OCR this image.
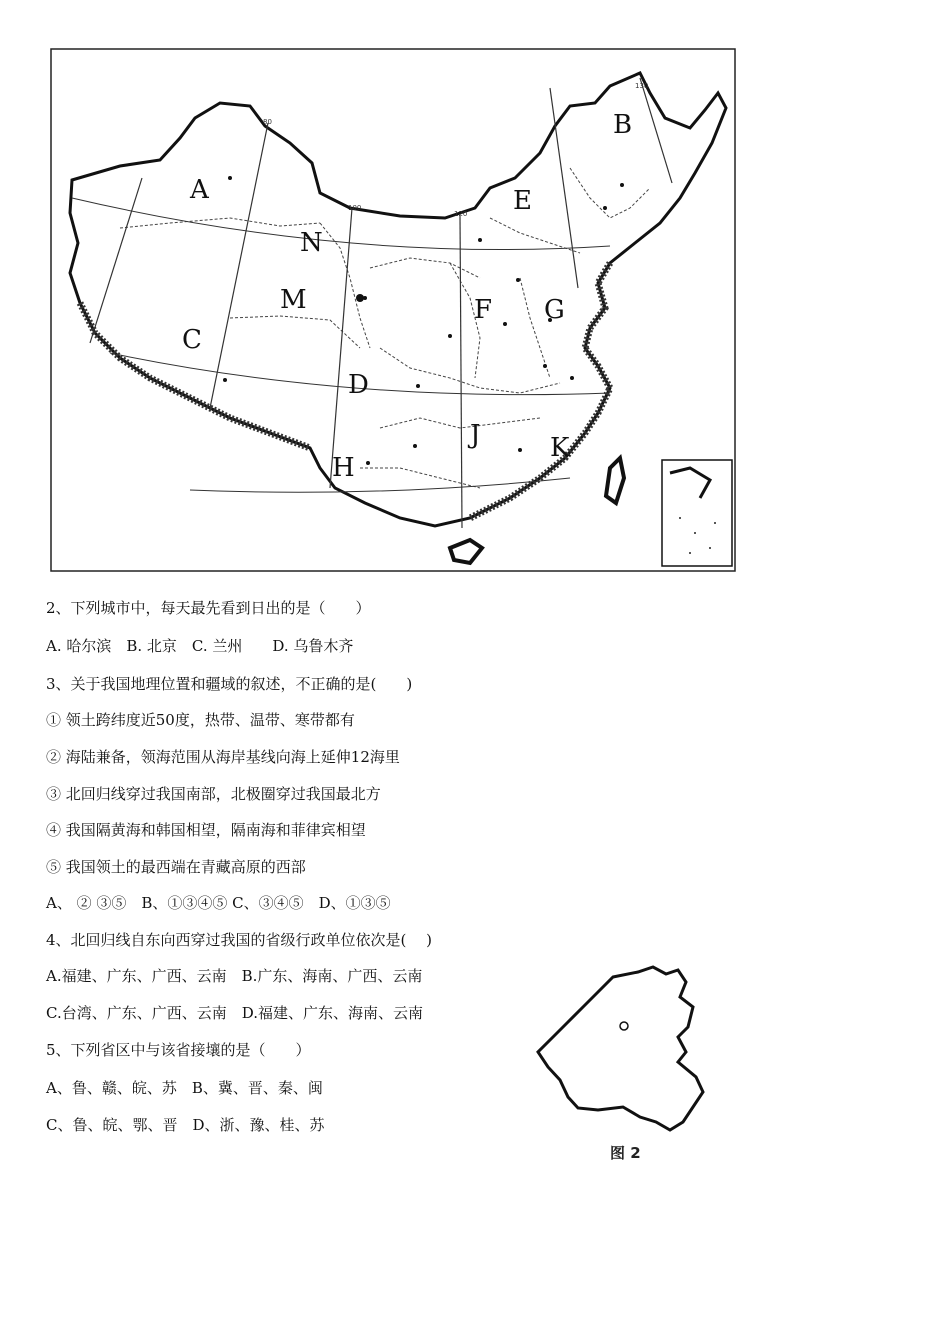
80
100
120
130
A
B
C
D
E
F G
H
J	K
M
N
2、下列城市中，每天最先看到日出的是（　　）
A. 哈尔滨　B. 北京　C. 兰州　　D. 乌鲁木齐
3、关于我国地理位置和疆域的叙述，不正确的是(　　)
① 领土跨纬度近50度，热带、温带、寒带都有
② 海陆兼备，领海范围从海岸基线向海上延伸12海里
③ 北回归线穿过我国南部，北极圈穿过我国最北方
④ 我国隔黄海和韩国相望，隔南海和菲律宾相望
⑤ 我国领土的最西端在青藏高原的西部
A、 ② ③⑤　B、①③④⑤ C、③④⑤　D、①③⑤
4、北回归线自东向西穿过我国的省级行政单位依次是(　 )
A.福建、广东、广西、云南　B.广东、海南、广西、云南
C.台湾、广东、广西、云南　D.福建、广东、海南、云南
5、下列省区中与该省接壤的是（　　）
A、鲁、赣、皖、苏　B、冀、晋、秦、闽
C、鲁、皖、鄂、晋　D、浙、豫、桂、苏
图 2
